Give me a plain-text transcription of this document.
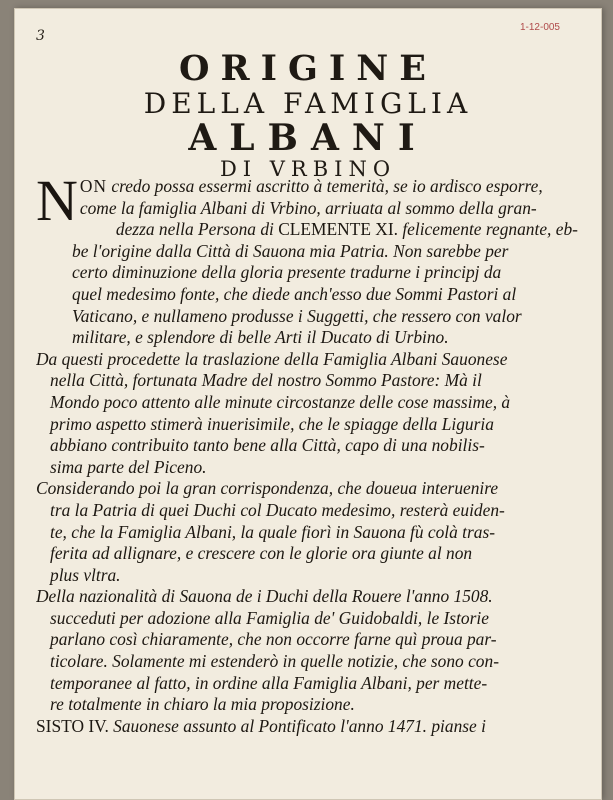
3
1-12-005
ORIGINE
DELLA FAMIGLIA
ALBANI
DI VRBINO
N ON credo possa essermi ascritto à temerità, se io ardisco esporre,
come la famiglia Albani di Vrbino, arriuata al sommo della gran-
dezza nella Persona di CLEMENTE XI. felicemente regnante, eb-
be l'origine dalla Città di Sauona mia Patria. Non sarebbe per
certo diminuzione della gloria presente tradurne i principj da
quel medesimo fonte, che diede anch'esso due Sommi Pastori al
Vaticano, e nullameno produsse i Suggetti, che ressero con valor
militare, e splendore di belle Arti il Ducato di Urbino.
Da questi procedette la traslazione della Famiglia Albani Sauonese
nella Città, fortunata Madre del nostro Sommo Pastore: Mà il
Mondo poco attento alle minute circostanze delle cose massime, à
primo aspetto stimerà inuerisimile, che le spiagge della Liguria
abbiano contribuito tanto bene alla Città, capo di una nobilis-
sima parte del Piceno.
Considerando poi la gran corrispondenza, che doueua interuenire
tra la Patria di quei Duchi col Ducato medesimo, resterà euiden-
te, che la Famiglia Albani, la quale fiorì in Sauona fù colà tras-
ferita ad allignare, e crescere con le glorie ora giunte al non
plus vltra.
Della nazionalità di Sauona de i Duchi della Rouere l'anno 1508.
succeduti per adozione alla Famiglia de' Guidobaldi, le Istorie
parlano così chiaramente, che non occorre farne quì proua par-
ticolare. Solamente mi estenderò in quelle notizie, che sono con-
temporanee al fatto, in ordine alla Famiglia Albani, per mette-
re totalmente in chiaro la mia proposizione.
SISTO IV. Sauonese assunto al Pontificato l'anno 1471. pianse i
